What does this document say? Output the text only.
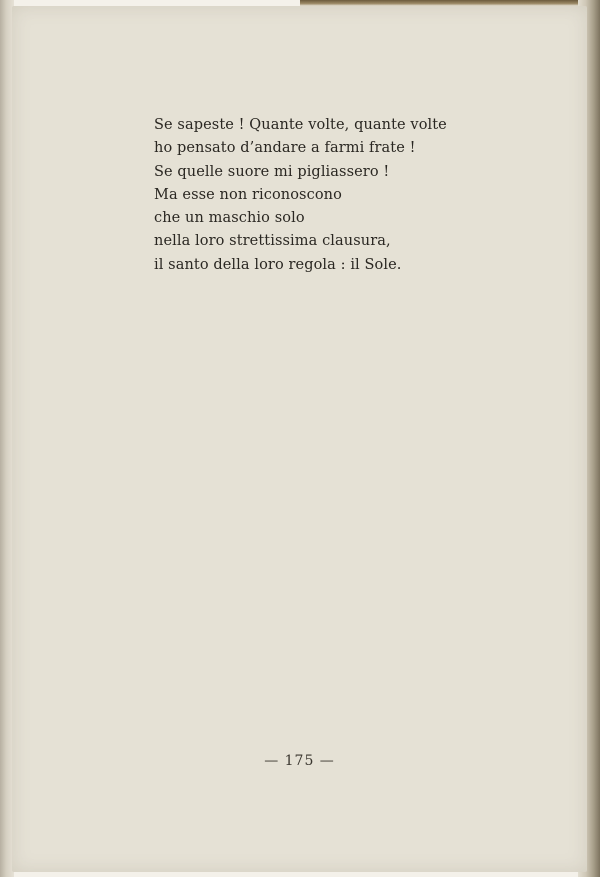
Se sapeste ! Quante volte, quante volte
ho pensato d’andare a farmi frate !
Se quelle suore mi pigliassero !
Ma esse non riconoscono
che un maschio solo
nella loro strettissima clausura,
il santo della loro regola : il Sole.
— 175 —
